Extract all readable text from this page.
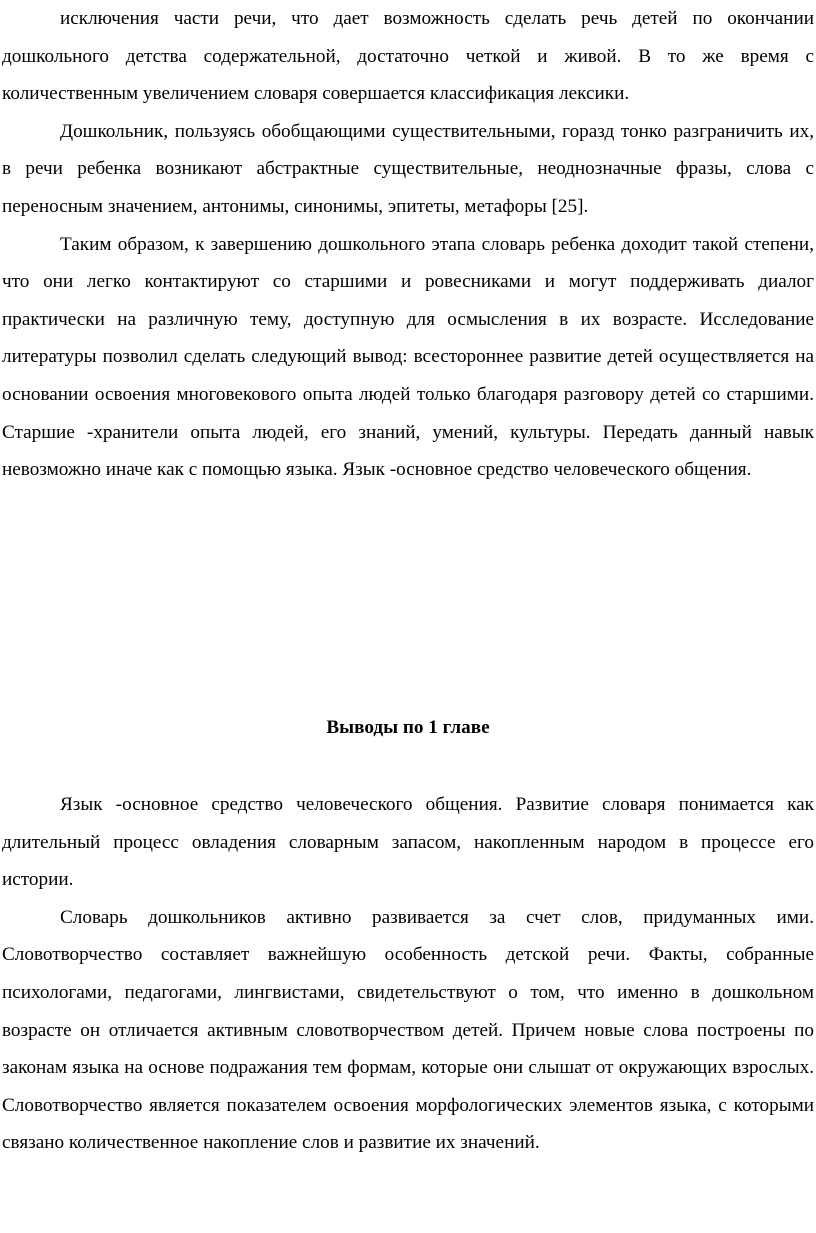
исключения части речи, что дает возможность сделать речь детей по окончании дошкольного детства содержательной, достаточно четкой и живой. В то же время с количественным увеличением словаря совершается классификация лексики.

Дошкольник, пользуясь обобщающими существительными, горазд тонко разграничить их, в речи ребенка возникают абстрактные существительные, неоднозначные фразы, слова с переносным значением, антонимы, синонимы, эпитеты, метафоры [25].

Таким образом, к завершению дошкольного этапа словарь ребенка доходит такой степени, что они легко контактируют со старшими и ровесниками и могут поддерживать диалог практически на различную тему, доступную для осмысления в их возрасте. Исследование литературы позволил сделать следующий вывод: всестороннее развитие детей осуществляется на основании освоения многовекового опыта людей только благодаря разговору детей со старшими. Старшие -хранители опыта людей, его знаний, умений, культуры. Передать данный навык невозможно иначе как с помощью языка. Язык -основное средство человеческого общения.

Выводы по 1 главе

Язык -основное средство человеческого общения. Развитие словаря понимается как длительный процесс овладения словарным запасом, накопленным народом в процессе его истории.

Словарь дошкольников активно развивается за счет слов, придуманных ими. Словотворчество составляет важнейшую особенность детской речи. Факты, собранные психологами, педагогами, лингвистами, свидетельствуют о том, что именно в дошкольном возрасте он отличается активным словотворчеством детей. Причем новые слова построены по законам языка на основе подражания тем формам, которые они слышат от окружающих взрослых. Словотворчество является показателем освоения морфологических элементов языка, с которыми связано количественное накопление слов и развитие их значений.
